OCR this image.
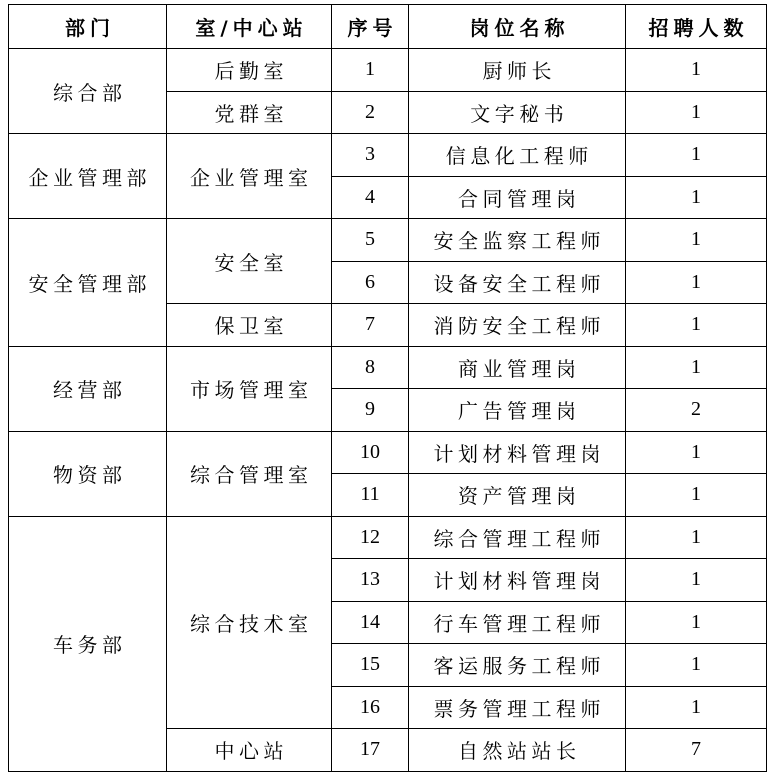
部门	室/中心站	序号	岗位名称	招聘人数
综合部	后勤室	1	厨师长	1
	党群室	2	文字秘书	1
企业管理部	企业管理室	3	信息化工程师	1
		4	合同管理岗	1
安全管理部	安全室	5	安全监察工程师	1
		6	设备安全工程师	1
	保卫室	7	消防安全工程师	1
经营部	市场管理室	8	商业管理岗	1
		9	广告管理岗	2
物资部	综合管理室	10	计划材料管理岗	1
		11	资产管理岗	1
车务部	综合技术室	12	综合管理工程师	1
		13	计划材料管理岗	1
		14	行车管理工程师	1
		15	客运服务工程师	1
		16	票务管理工程师	1
	中心站	17	自然站站长	7
